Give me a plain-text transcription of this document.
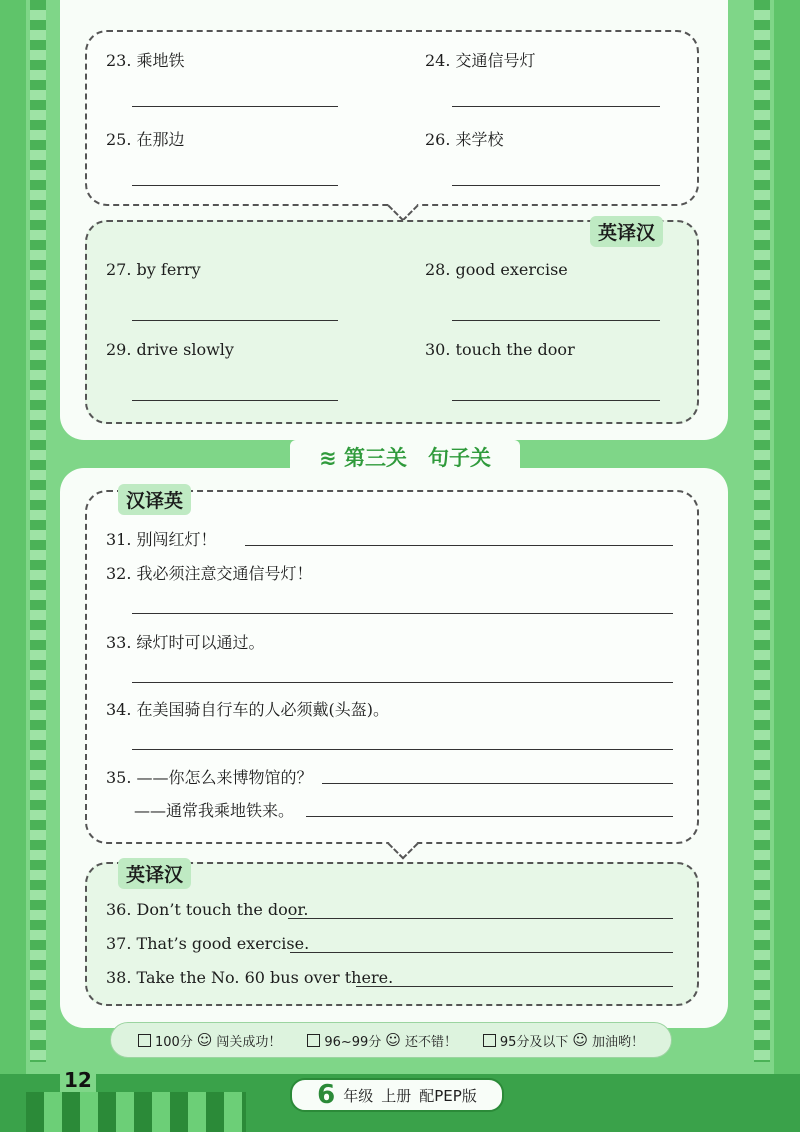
23. 乘地铁	24. 交通信号灯
25. 在那边	26. 来学校
英译汉
27. by ferry	28. good exercise
29. drive slowly	30. touch the door
≋ 第三关　句子关
汉译英
31. 别闯红灯！
32. 我必须注意交通信号灯！
33. 绿灯时可以通过。
34. 在美国骑自行车的人必须戴(头盔)。
35. ——你怎么来博物馆的？
——通常我乘地铁来。
英译汉
36. Don’t touch the door.
37. That’s good exercise.
38. Take the No. 60 bus over there.
100分 ☺ 闯关成功！	96~99分 ☺ 还不错！	95分及以下 ☺ 加油哟！
12	6 年级 上册 配PEP版
